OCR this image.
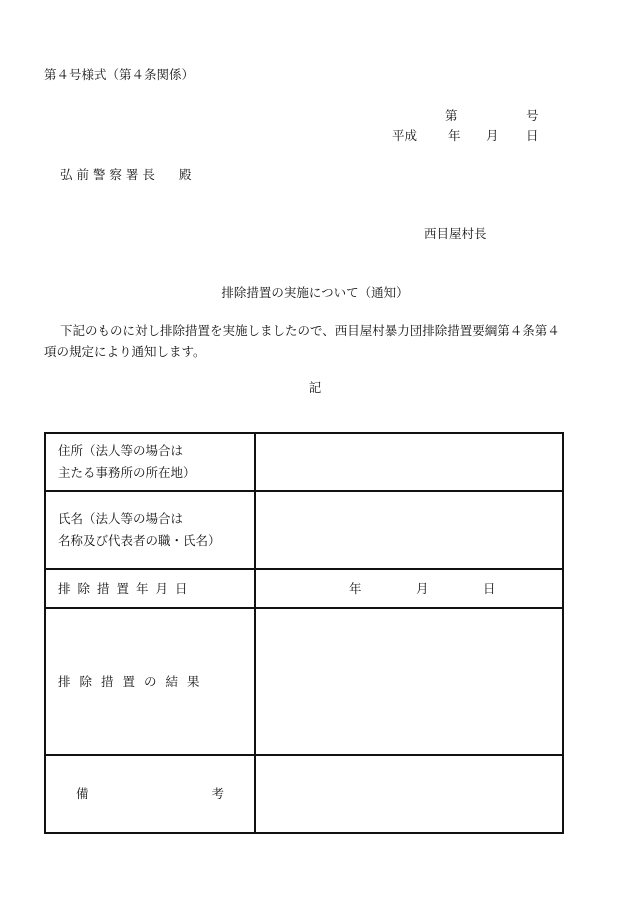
第４号様式（第４条関係）
第	号
平成 年 月 日
弘 前 警 察 署 長 殿
西目屋村長
排除措置の実施について（通知）
下記のものに対し排除措置を実施しましたので、西目屋村暴力団排除措置要綱第４条第４
項の規定により通知します。
記
住所（法人等の場合は
主たる事務所の所在地）	

氏名（法人等の場合は
名称及び代表者の職・氏名）	

排除措置年月日	年 月 日

排除措置の結果	

備 考	
